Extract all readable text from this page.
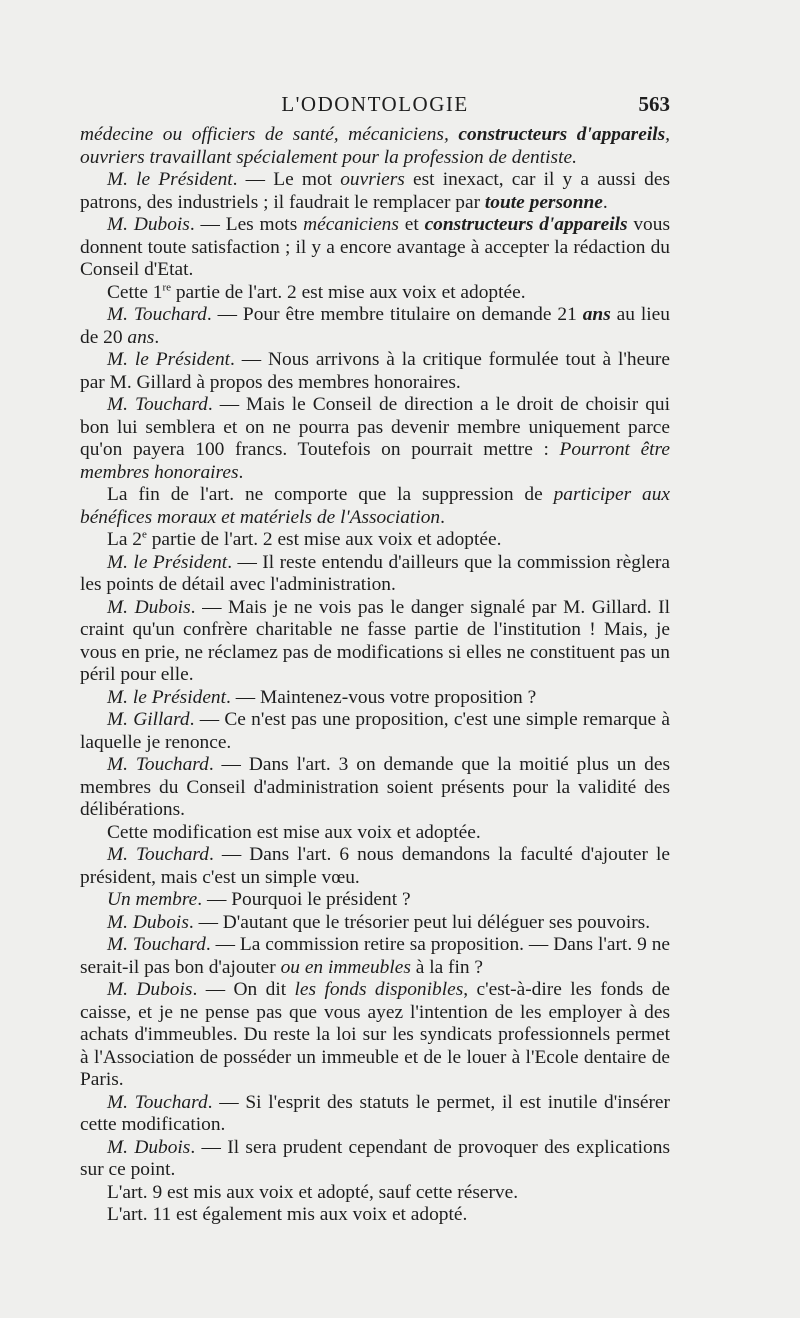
L'ODONTOLOGIE	563

médecine ou officiers de santé, mécaniciens, constructeurs d'appareils, ouvriers travaillant spécialement pour la profession de dentiste.

M. le Président. — Le mot ouvriers est inexact, car il y a aussi des patrons, des industriels ; il faudrait le remplacer par toute personne.

M. Dubois. — Les mots mécaniciens et constructeurs d'appareils vous donnent toute satisfaction ; il y a encore avantage à accepter la rédaction du Conseil d'Etat.

Cette 1re partie de l'art. 2 est mise aux voix et adoptée.

M. Touchard. — Pour être membre titulaire on demande 21 ans au lieu de 20 ans.

M. le Président. — Nous arrivons à la critique formulée tout à l'heure par M. Gillard à propos des membres honoraires.

M. Touchard. — Mais le Conseil de direction a le droit de choisir qui bon lui semblera et on ne pourra pas devenir membre uniquement parce qu'on payera 100 francs. Toutefois on pourrait mettre : Pourront être membres honoraires.

La fin de l'art. ne comporte que la suppression de participer aux bénéfices moraux et matériels de l'Association.

La 2e partie de l'art. 2 est mise aux voix et adoptée.

M. le Président. — Il reste entendu d'ailleurs que la commission règlera les points de détail avec l'administration.

M. Dubois. — Mais je ne vois pas le danger signalé par M. Gillard. Il craint qu'un confrère charitable ne fasse partie de l'institution ! Mais, je vous en prie, ne réclamez pas de modifications si elles ne constituent pas un péril pour elle.

M. le Président. — Maintenez-vous votre proposition ?

M. Gillard. — Ce n'est pas une proposition, c'est une simple remarque à laquelle je renonce.

M. Touchard. — Dans l'art. 3 on demande que la moitié plus un des membres du Conseil d'administration soient présents pour la validité des délibérations.

Cette modification est mise aux voix et adoptée.

M. Touchard. — Dans l'art. 6 nous demandons la faculté d'ajouter le président, mais c'est un simple vœu.

Un membre. — Pourquoi le président ?

M. Dubois. — D'autant que le trésorier peut lui déléguer ses pouvoirs.

M. Touchard. — La commission retire sa proposition. — Dans l'art. 9 ne serait-il pas bon d'ajouter ou en immeubles à la fin ?

M. Dubois. — On dit les fonds disponibles, c'est-à-dire les fonds de caisse, et je ne pense pas que vous ayez l'intention de les employer à des achats d'immeubles. Du reste la loi sur les syndicats professionnels permet à l'Association de posséder un immeuble et de le louer à l'Ecole dentaire de Paris.

M. Touchard. — Si l'esprit des statuts le permet, il est inutile d'insérer cette modification.

M. Dubois. — Il sera prudent cependant de provoquer des explications sur ce point.

L'art. 9 est mis aux voix et adopté, sauf cette réserve.

L'art. 11 est également mis aux voix et adopté.
